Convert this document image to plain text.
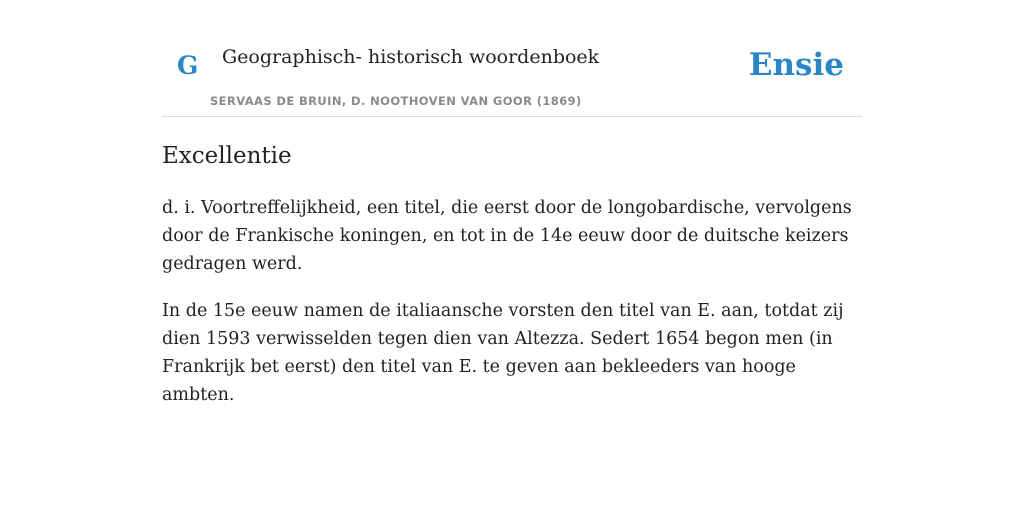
G Geographisch- historisch woordenboek
SERVAAS DE BRUIN, D. NOOTHOVEN VAN GOOR (1869)
Ensie
Excellentie

d. i. Voortreffelijkheid, een titel, die eerst door de longobardische, vervolgens door de Frankische koningen, en tot in de 14e eeuw door de duitsche keizers gedragen werd.

In de 15e eeuw namen de italiaansche vorsten den titel van E. aan, totdat zij dien 1593 verwisselden tegen dien van Altezza. Sedert 1654 begon men (in Frankrijk bet eerst) den titel van E. te geven aan bekleeders van hooge ambten.
